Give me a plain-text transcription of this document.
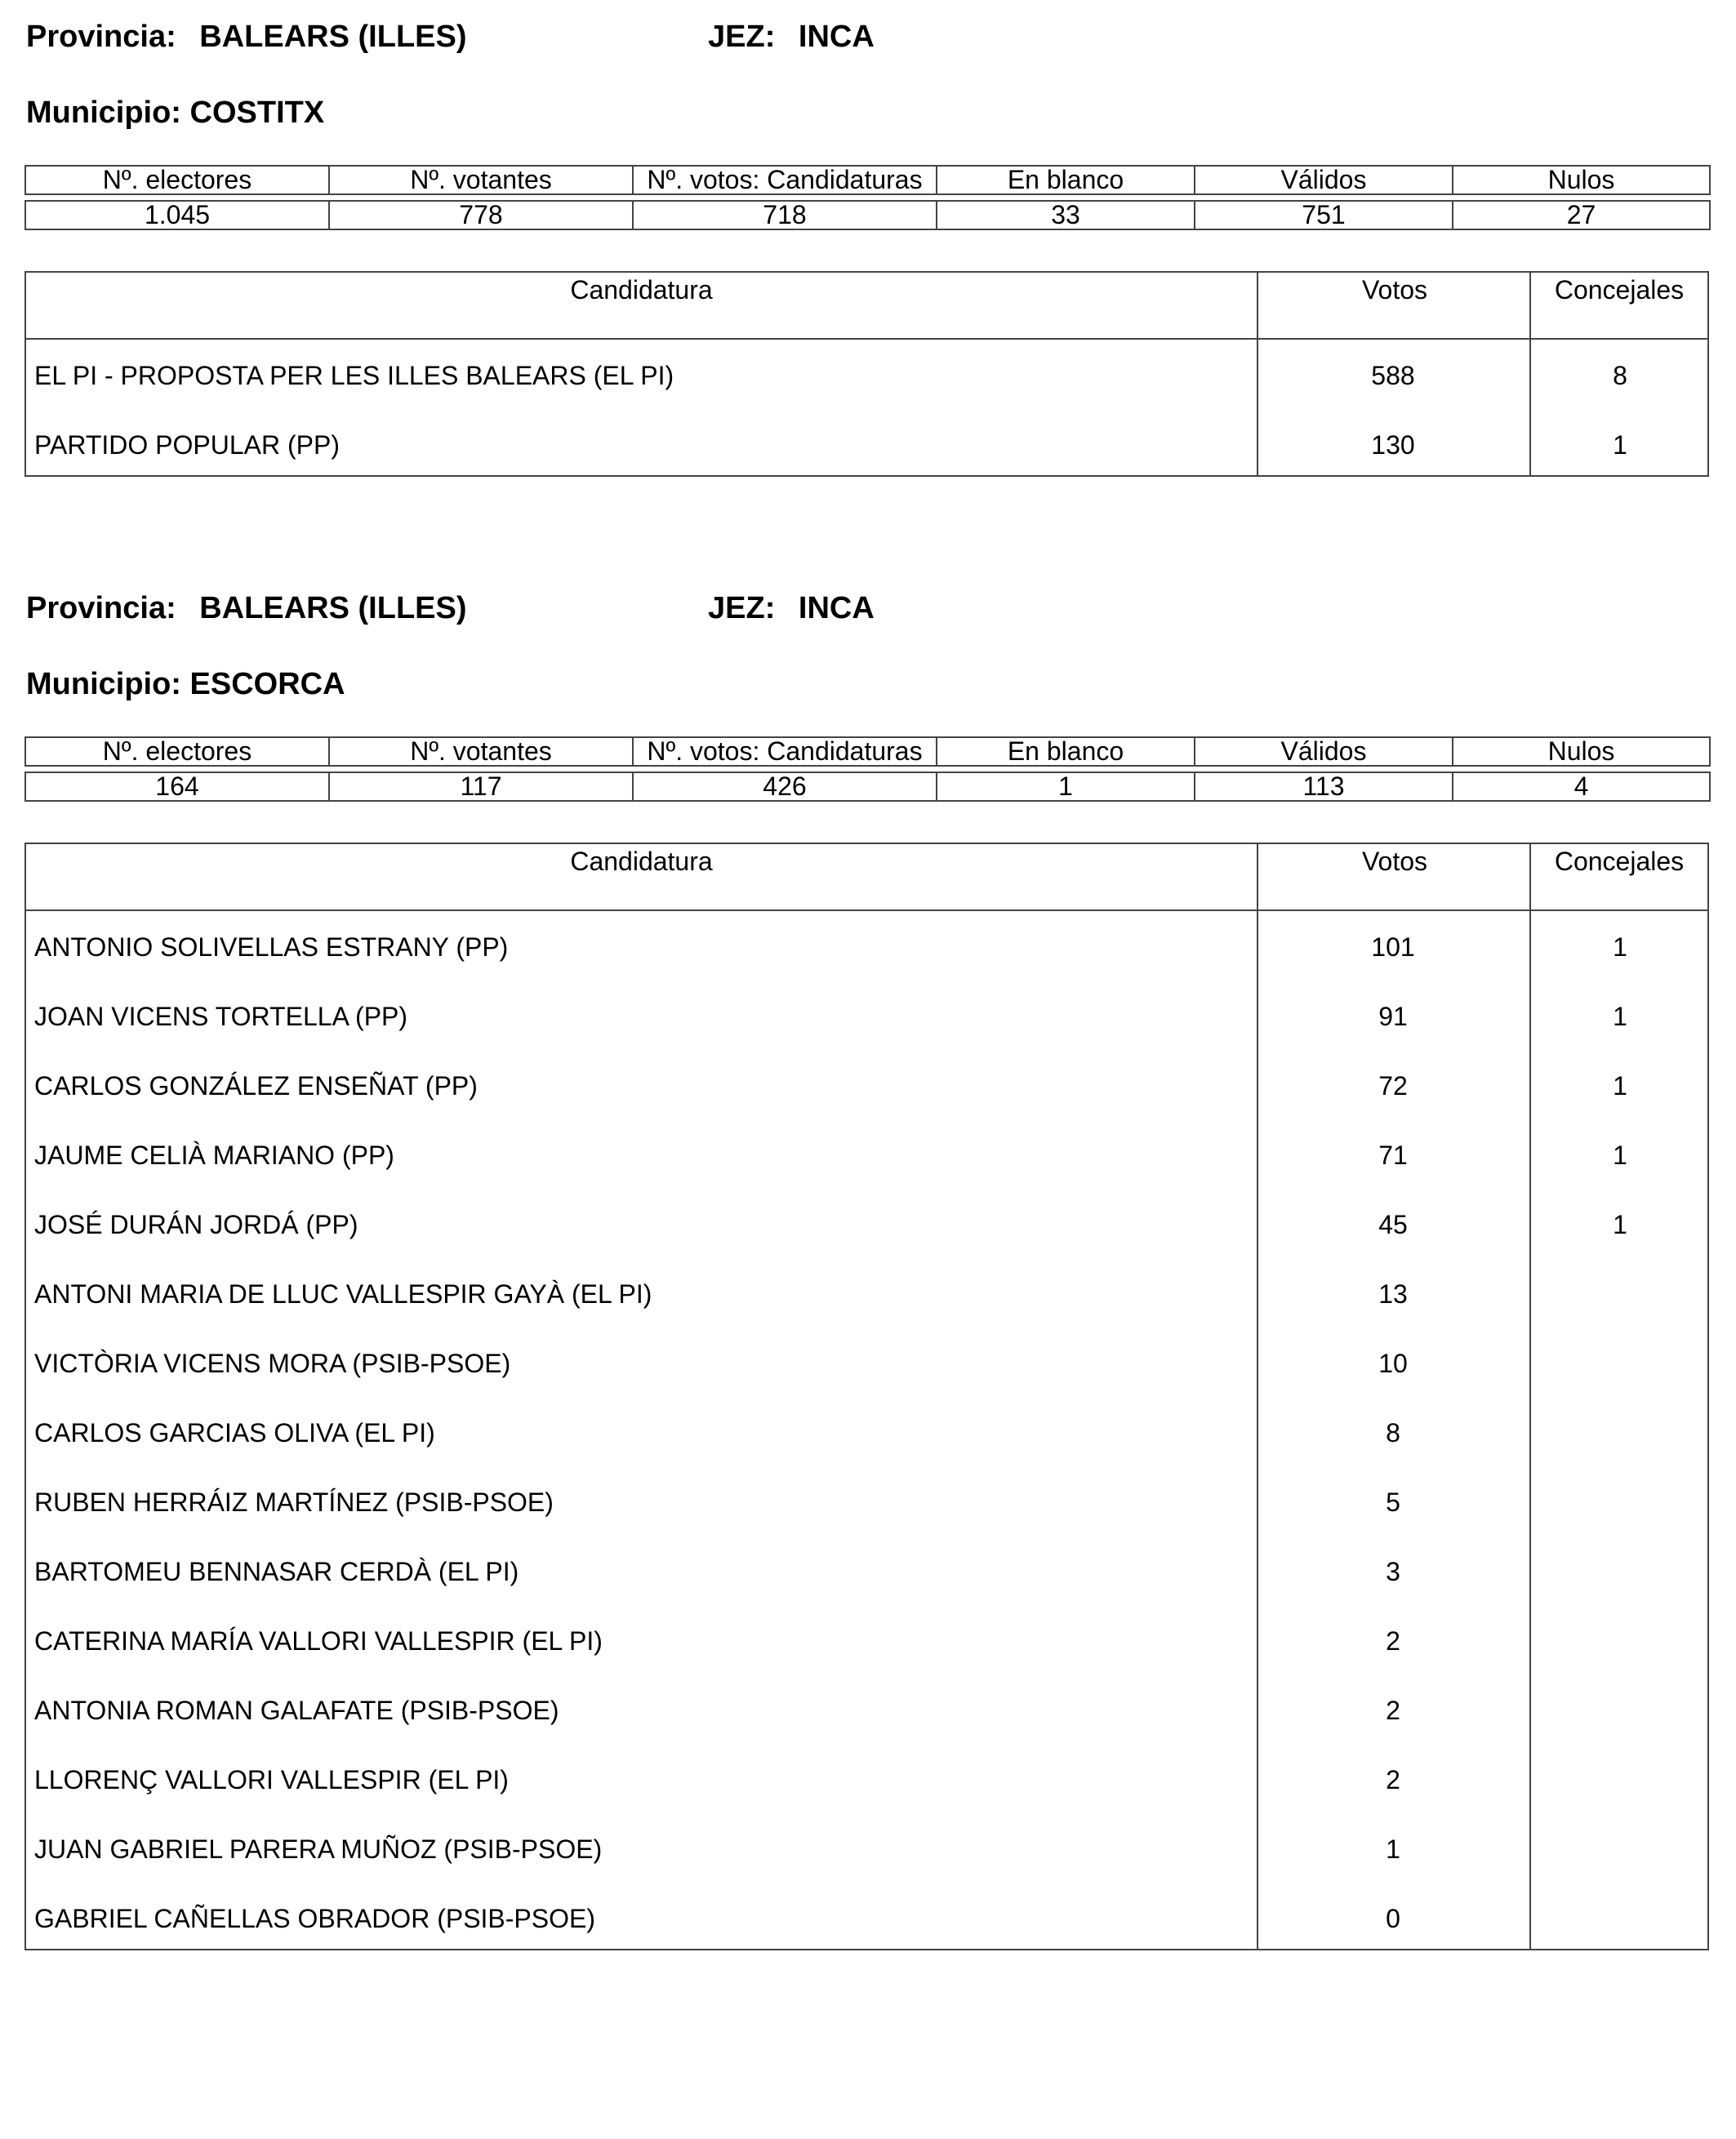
Provincia: BALEARS (ILLES)	JEZ: INCA
Municipio: COSTITX
Nº. electores	Nº. votantes	Nº. votos: Candidaturas	En blanco	Válidos	Nulos

1.045	778	718	33	751	27
Candidatura	Votos	Concejales
EL PI - PROPOSTA PER LES ILLES BALEARS (EL PI)	588	8
PARTIDO POPULAR (PP)	130	1
Provincia: BALEARS (ILLES)	JEZ: INCA
Municipio: ESCORCA
Nº. electores	Nº. votantes	Nº. votos: Candidaturas	En blanco	Válidos	Nulos

164	117	426	1	113	4
Candidatura	Votos	Concejales
ANTONIO SOLIVELLAS ESTRANY (PP)	101	1
JOAN VICENS TORTELLA (PP)	91	1
CARLOS GONZÁLEZ ENSEÑAT (PP)	72	1
JAUME CELIÀ MARIANO (PP)	71	1
JOSÉ DURÁN JORDÁ (PP)	45	1
ANTONI MARIA DE LLUC VALLESPIR GAYÀ (EL PI)	13
VICTÒRIA VICENS MORA (PSIB-PSOE)	10
CARLOS GARCIAS OLIVA (EL PI)	8
RUBEN HERRÁIZ MARTÍNEZ (PSIB-PSOE)	5
BARTOMEU BENNASAR CERDÀ (EL PI)	3
CATERINA MARÍA VALLORI VALLESPIR (EL PI)	2
ANTONIA ROMAN GALAFATE (PSIB-PSOE)	2
LLORENÇ VALLORI VALLESPIR (EL PI)	2
JUAN GABRIEL PARERA MUÑOZ (PSIB-PSOE)	1
GABRIEL CAÑELLAS OBRADOR (PSIB-PSOE)	0
